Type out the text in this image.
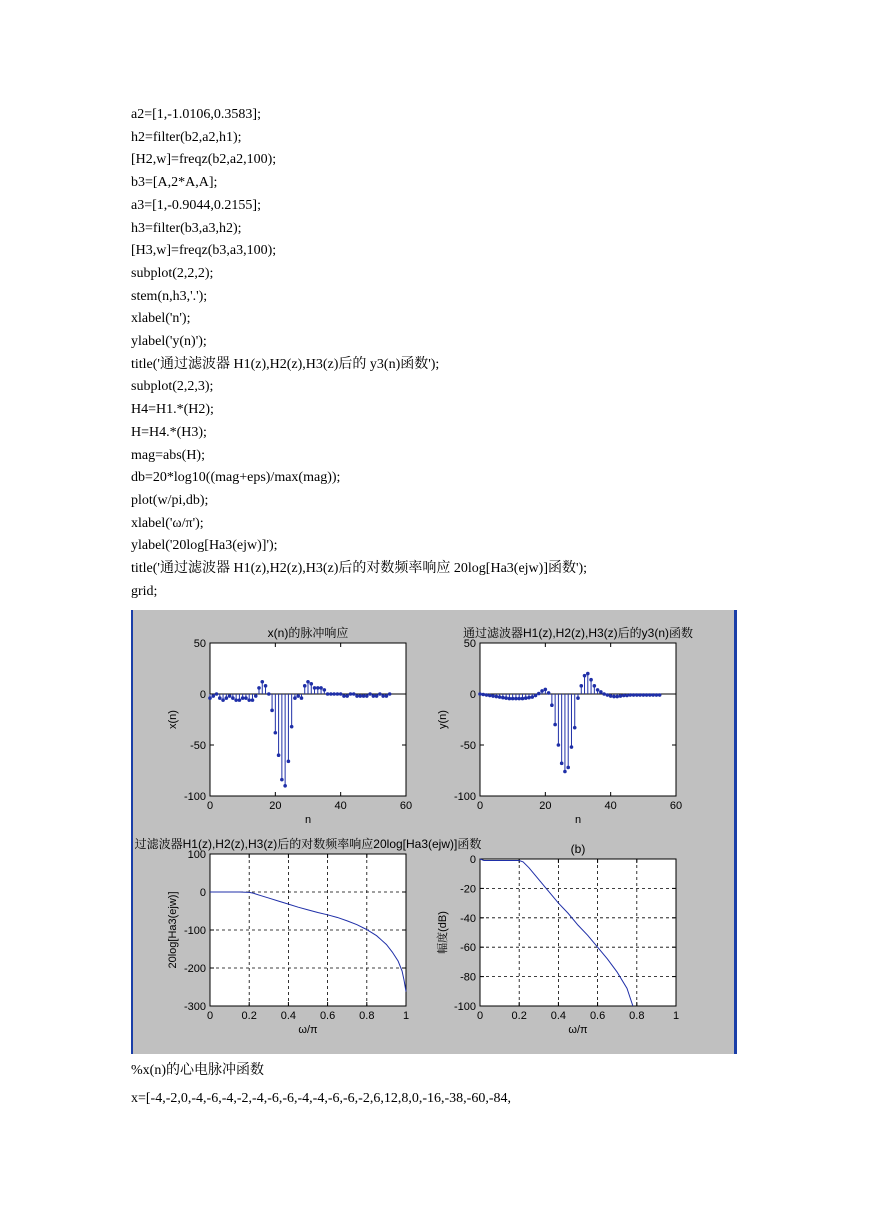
a2=[1,-1.0106,0.3583];
h2=filter(b2,a2,h1);
[H2,w]=freqz(b2,a2,100);
b3=[A,2*A,A];
a3=[1,-0.9044,0.2155];
h3=filter(b3,a3,h2);
[H3,w]=freqz(b3,a3,100);
subplot(2,2,2);
stem(n,h3,'.');
xlabel('n');
ylabel('y(n)');
title('通过滤波器 H1(z),H2(z),H3(z)后的 y3(n)函数');
subplot(2,2,3);
H4=H1.*(H2);
H=H4.*(H3);
mag=abs(H);
db=20*log10((mag+eps)/max(mag));
plot(w/pi,db);
xlabel('ω/π');
ylabel('20log[Ha3(ejw)]');
title('通过滤波器 H1(z),H2(z),H3(z)后的对数频率响应 20log[Ha3(ejw)]函数');
grid;
0	20	40	60
50
0
-50
-100
x(n)的脉冲响应
n
x(n)
0	20	40	60
50
0
-50
-100
通过滤波器H1(z),H2(z),H3(z)后的y3(n)函数
n
y(n)
0	0.2 0.4 0.6 0.8	1
100
0
-100
-200
-300
过滤波器H1(z),H2(z),H3(z)后的对数频率响应20log[Ha3(ejw)]函数
ω/π
20log[Ha3(ejw)]
0	0.2 0.4 0.6 0.8	1
0
-20
-40
-60
-80
-100
(b)
ω/π
幅度(dB)
%x(n)的心电脉冲函数
x=[-4,-2,0,-4,-6,-4,-2,-4,-6,-6,-4,-4,-6,-6,-2,6,12,8,0,-16,-38,-60,-84,
